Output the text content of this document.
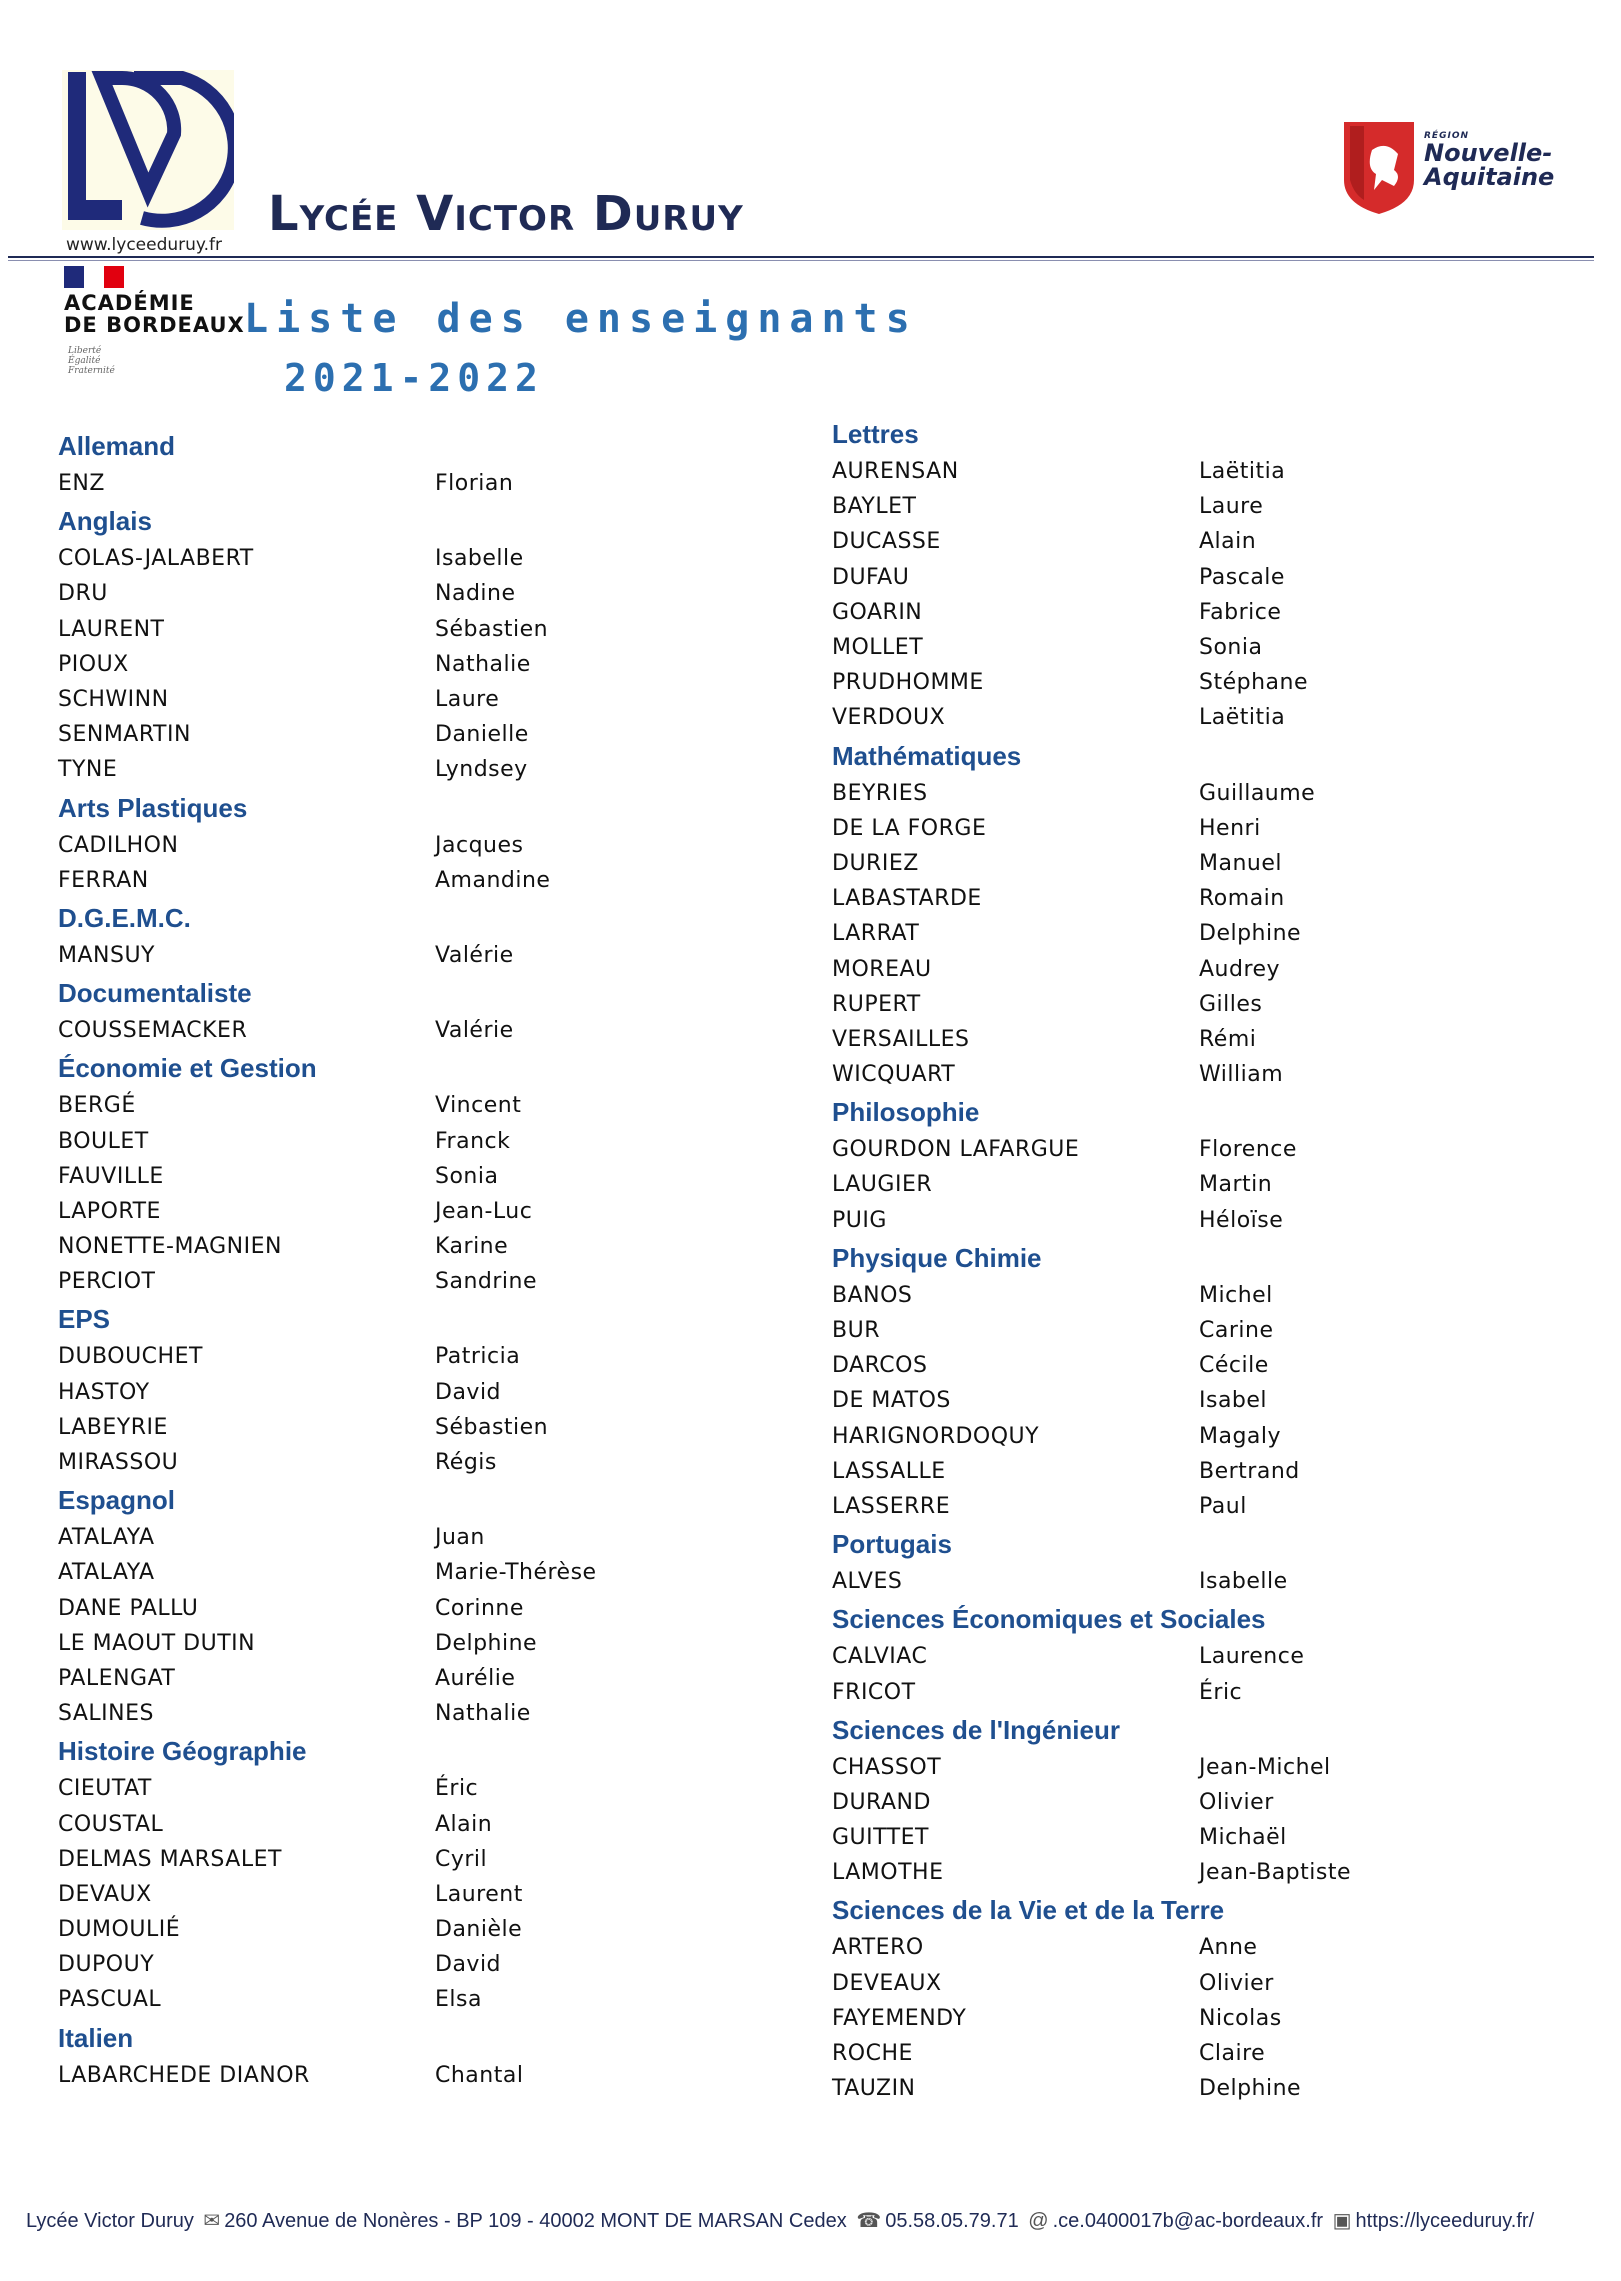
www.lyceeduruy.fr
Lycée Victor Duruy
RÉGION
Nouvelle-
Aquitaine
ACADÉMIE
DE BORDEAUX
Liberté
Égalité
Fraternité
Liste des enseignants
2021-2022
Allemand
ENZ	Florian
Anglais
COLAS-JALABERT	Isabelle
DRU	Nadine
LAURENT	Sébastien
PIOUX	Nathalie
SCHWINN	Laure
SENMARTIN	Danielle
TYNE	Lyndsey
Arts Plastiques
CADILHON	Jacques
FERRAN	Amandine
D.G.E.M.C.
MANSUY	Valérie
Documentaliste
COUSSEMACKER	Valérie
Économie et Gestion
BERGÉ	Vincent
BOULET	Franck
FAUVILLE	Sonia
LAPORTE	Jean-Luc
NONETTE-MAGNIEN	Karine
PERCIOT	Sandrine
EPS
DUBOUCHET	Patricia
HASTOY	David
LABEYRIE	Sébastien
MIRASSOU	Régis
Espagnol
ATALAYA	Juan
ATALAYA	Marie-Thérèse
DANE PALLU	Corinne
LE MAOUT DUTIN	Delphine
PALENGAT	Aurélie
SALINES	Nathalie
Histoire Géographie
CIEUTAT	Éric
COUSTAL	Alain
DELMAS MARSALET	Cyril
DEVAUX	Laurent
DUMOULIÉ	Danièle
DUPOUY	David
PASCUAL	Elsa
Italien
LABARCHEDE DIANOR	Chantal
Lettres
AURENSAN	Laëtitia
BAYLET	Laure
DUCASSE	Alain
DUFAU	Pascale
GOARIN	Fabrice
MOLLET	Sonia
PRUDHOMME	Stéphane
VERDOUX	Laëtitia
Mathématiques
BEYRIES	Guillaume
DE LA FORGE	Henri
DURIEZ	Manuel
LABASTARDE	Romain
LARRAT	Delphine
MOREAU	Audrey
RUPERT	Gilles
VERSAILLES	Rémi
WICQUART	William
Philosophie
GOURDON LAFARGUE	Florence
LAUGIER	Martin
PUIG	Héloïse
Physique Chimie
BANOS	Michel
BUR	Carine
DARCOS	Cécile
DE MATOS	Isabel
HARIGNORDOQUY	Magaly
LASSALLE	Bertrand
LASSERRE	Paul
Portugais
ALVES	Isabelle
Sciences Économiques et Sociales
CALVIAC	Laurence
FRICOT	Éric
Sciences de l'Ingénieur
CHASSOT	Jean-Michel
DURAND	Olivier
GUITTET	Michaël
LAMOTHE	Jean-Baptiste
Sciences de la Vie et de la Terre
ARTERO	Anne
DEVEAUX	Olivier
FAYEMENDY	Nicolas
ROCHE	Claire
TAUZIN	Delphine
Lycée Victor Duruy ✉ 260 Avenue de Nonères - BP 109 - 40002 MONT DE MARSAN Cedex ☎ 05.58.05.79.71 @ .ce.0400017b@ac-bordeaux.fr ▣ https://lyceeduruy.fr/
